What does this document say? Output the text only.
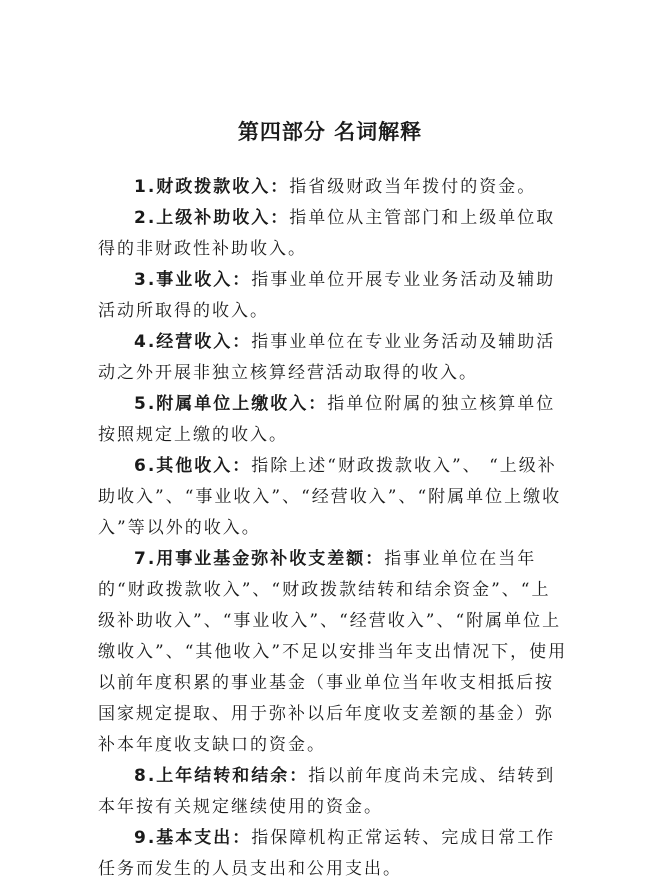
第四部分 名词解释

1.财政拨款收入：指省级财政当年拨付的资金。

2.上级补助收入：指单位从主管部门和上级单位取得的非财政性补助收入。

3.事业收入：指事业单位开展专业业务活动及辅助活动所取得的收入。

4.经营收入：指事业单位在专业业务活动及辅助活动之外开展非独立核算经营活动取得的收入。

5.附属单位上缴收入：指单位附属的独立核算单位按照规定上缴的收入。

6.其他收入：指除上述“财政拨款收入”、 “上级补助收入”、“事业收入”、“经营收入”、“附属单位上缴收入”等以外的收入。

7.用事业基金弥补收支差额：指事业单位在当年的“财政拨款收入”、“财政拨款结转和结余资金”、“上级补助收入”、“事业收入”、“经营收入”、“附属单位上缴收入”、“其他收入”不足以安排当年支出情况下，使用以前年度积累的事业基金（事业单位当年收支相抵后按国家规定提取、用于弥补以后年度收支差额的基金）弥补本年度收支缺口的资金。

8.上年结转和结余：指以前年度尚未完成、结转到本年按有关规定继续使用的资金。

9.基本支出：指保障机构正常运转、完成日常工作任务而发生的人员支出和公用支出。
